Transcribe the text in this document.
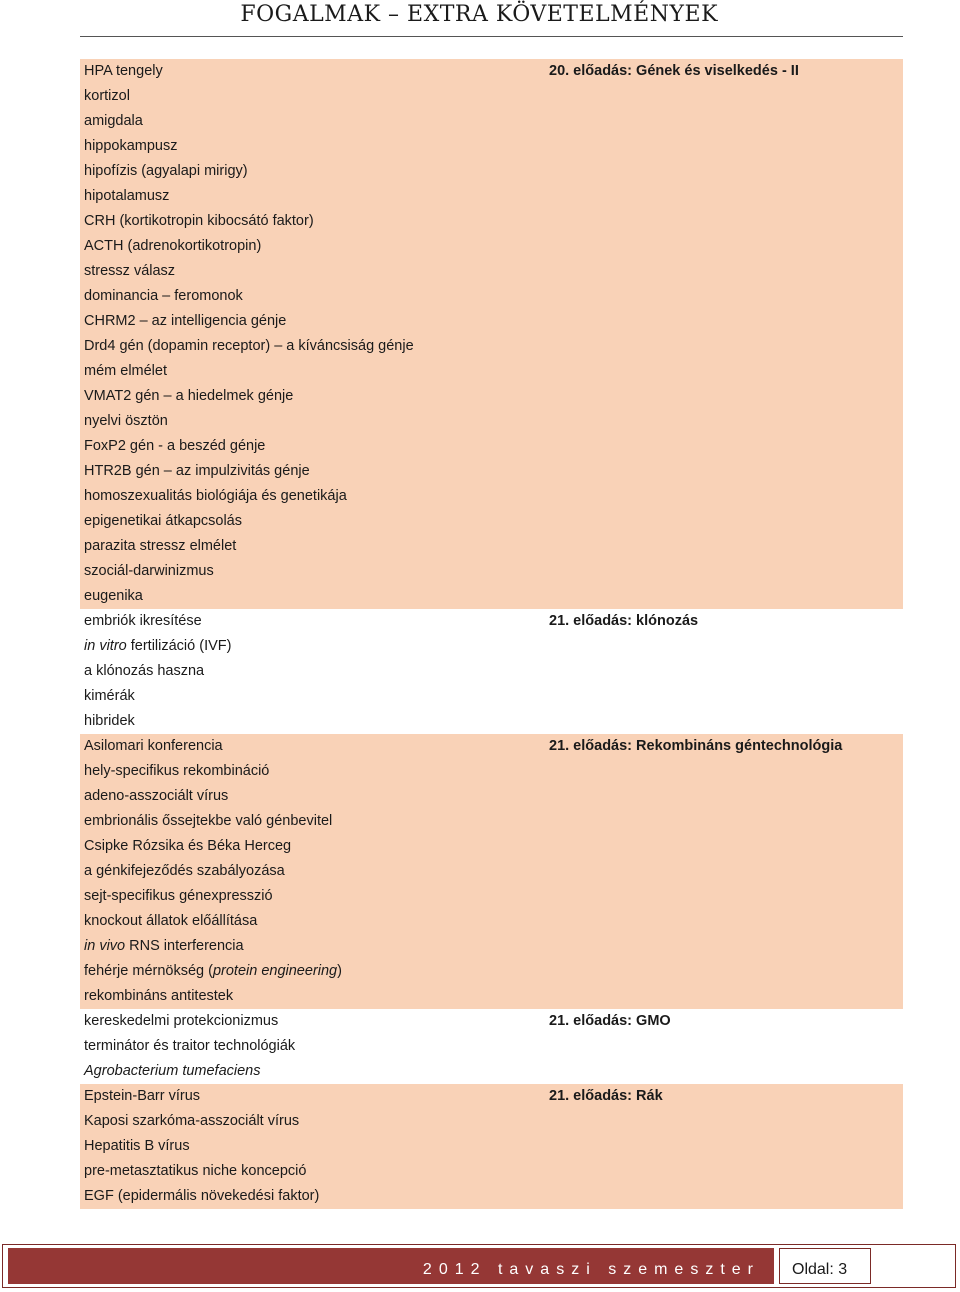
FOGALMAK – EXTRA KÖVETELMÉNYEK
20. előadás: Gének és viselkedés - II
HPA tengely
kortizol
amigdala
hippokampusz
hipofízis (agyalapi mirigy)
hipotalamusz
CRH (kortikotropin kibocsátó faktor)
ACTH (adrenokortikotropin)
stressz válasz
dominancia – feromonok
CHRM2 – az intelligencia génje
Drd4 gén (dopamin receptor) – a kíváncsiság génje
mém elmélet
VMAT2 gén – a hiedelmek génje
nyelvi ösztön
FoxP2 gén - a beszéd génje
HTR2B gén – az impulzivitás génje
homoszexualitás biológiája és genetikája
epigenetikai átkapcsolás
parazita stressz elmélet
szociál-darwinizmus
eugenika
21. előadás: klónozás
embriók ikresítése
in vitro fertilizáció (IVF)
a klónozás haszna
kimérák
hibridek
21. előadás: Rekombináns géntechnológia
Asilomari konferencia
hely-specifikus rekombináció
adeno-asszociált vírus
embrionális őssejtekbe való génbevitel
Csipke Rózsika és Béka Herceg
a génkifejeződés szabályozása
sejt-specifikus génexpresszió
knockout állatok előállítása
in vivo RNS interferencia
fehérje mérnökség (protein engineering)
rekombináns antitestek
21. előadás: GMO
kereskedelmi protekcionizmus
terminátor és traitor technológiák
Agrobacterium tumefaciens
21. előadás: Rák
Epstein-Barr vírus
Kaposi szarkóma-asszociált vírus
Hepatitis B vírus
pre-metasztatikus niche koncepció
EGF (epidermális növekedési faktor)
2012 tavaszi szemeszter Oldal: 3
